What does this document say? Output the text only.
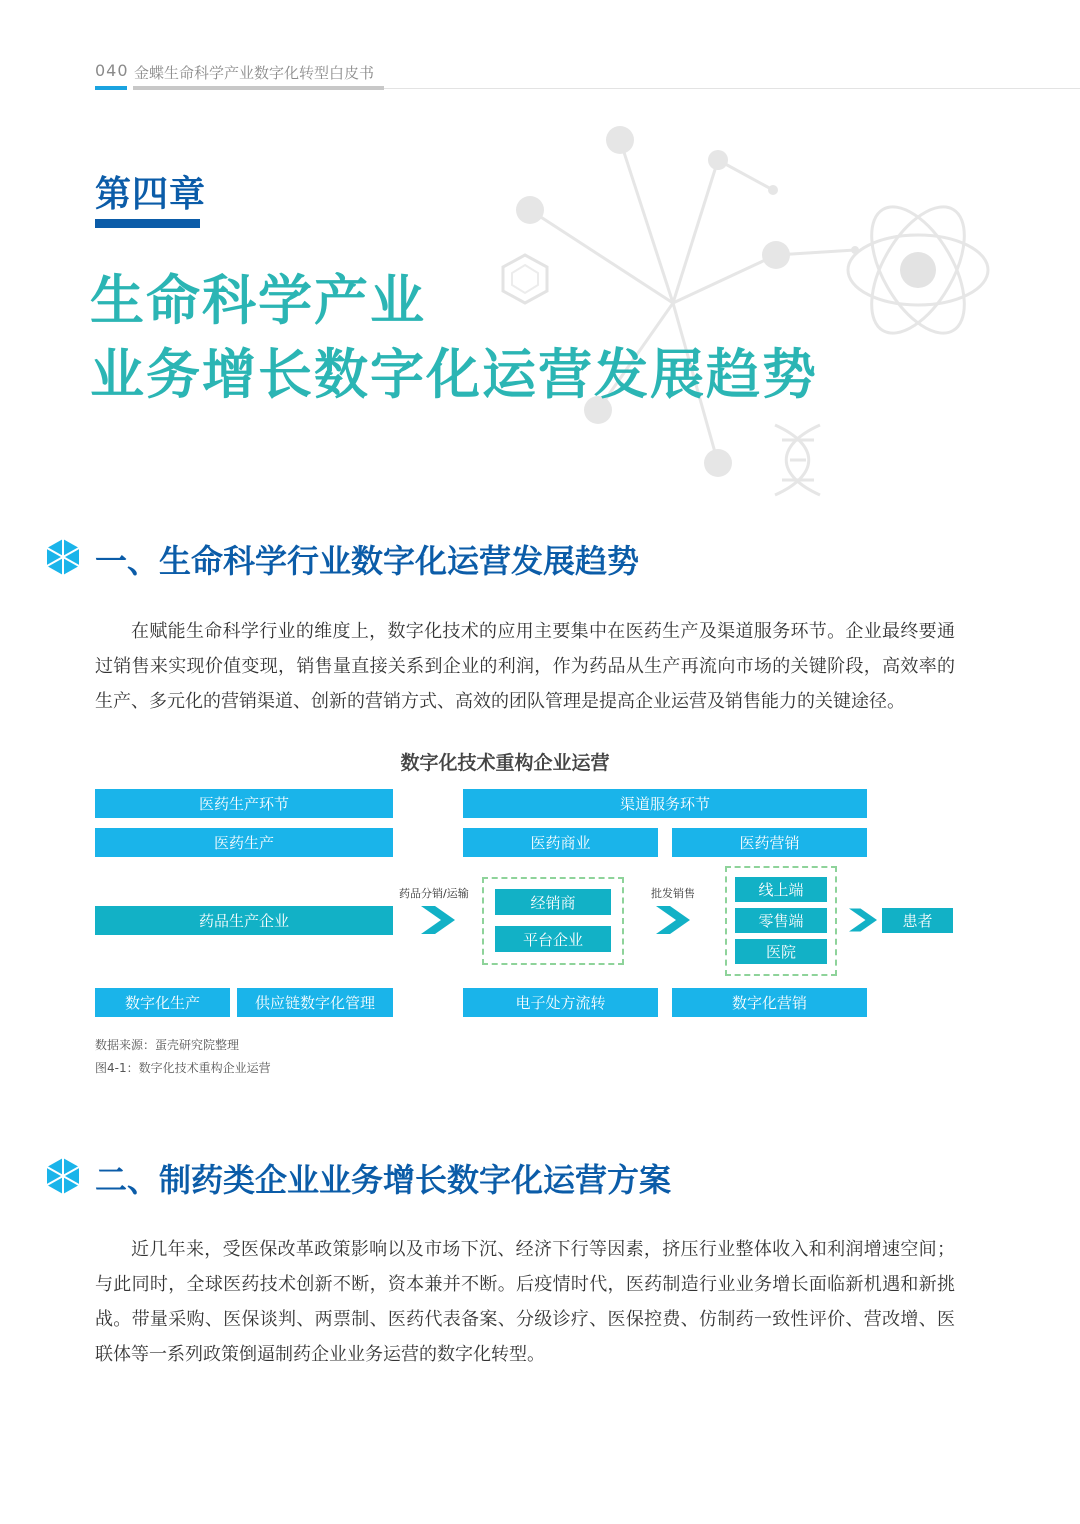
040 金蝶生命科学产业数字化转型白皮书
第四章
生命科学产业
业务增长数字化运营发展趋势
一、生命科学行业数字化运营发展趋势

在赋能生命科学行业的维度上，数字化技术的应用主要集中在医药生产及渠道服务环节。企业最终要通过销售来实现价值变现，销售量直接关系到企业的利润，作为药品从生产再流向市场的关键阶段，高效率的生产、多元化的营销渠道、创新的营销方式、高效的团队管理是提高企业运营及销售能力的关键途径。

数字化技术重构企业运营
医药生产环节
医药生产
渠道服务环节
医药商业	医药营销
药品生产企业
药品分销/运输	经销商
平台企业
批发销售	线上端
零售端
医院
患者
数字化生产	供应链数字化管理	电子处方流转	数字化营销
数据来源：蛋壳研究院整理
图4-1：数字化技术重构企业运营
二、制药类企业业务增长数字化运营方案

近几年来，受医保改革政策影响以及市场下沉、经济下行等因素，挤压行业整体收入和利润增速空间；与此同时，全球医药技术创新不断，资本兼并不断。后疫情时代，医药制造行业业务增长面临新机遇和新挑战。带量采购、医保谈判、两票制、医药代表备案、分级诊疗、医保控费、仿制药一致性评价、营改增、医联体等一系列政策倒逼制药企业业务运营的数字化转型。
